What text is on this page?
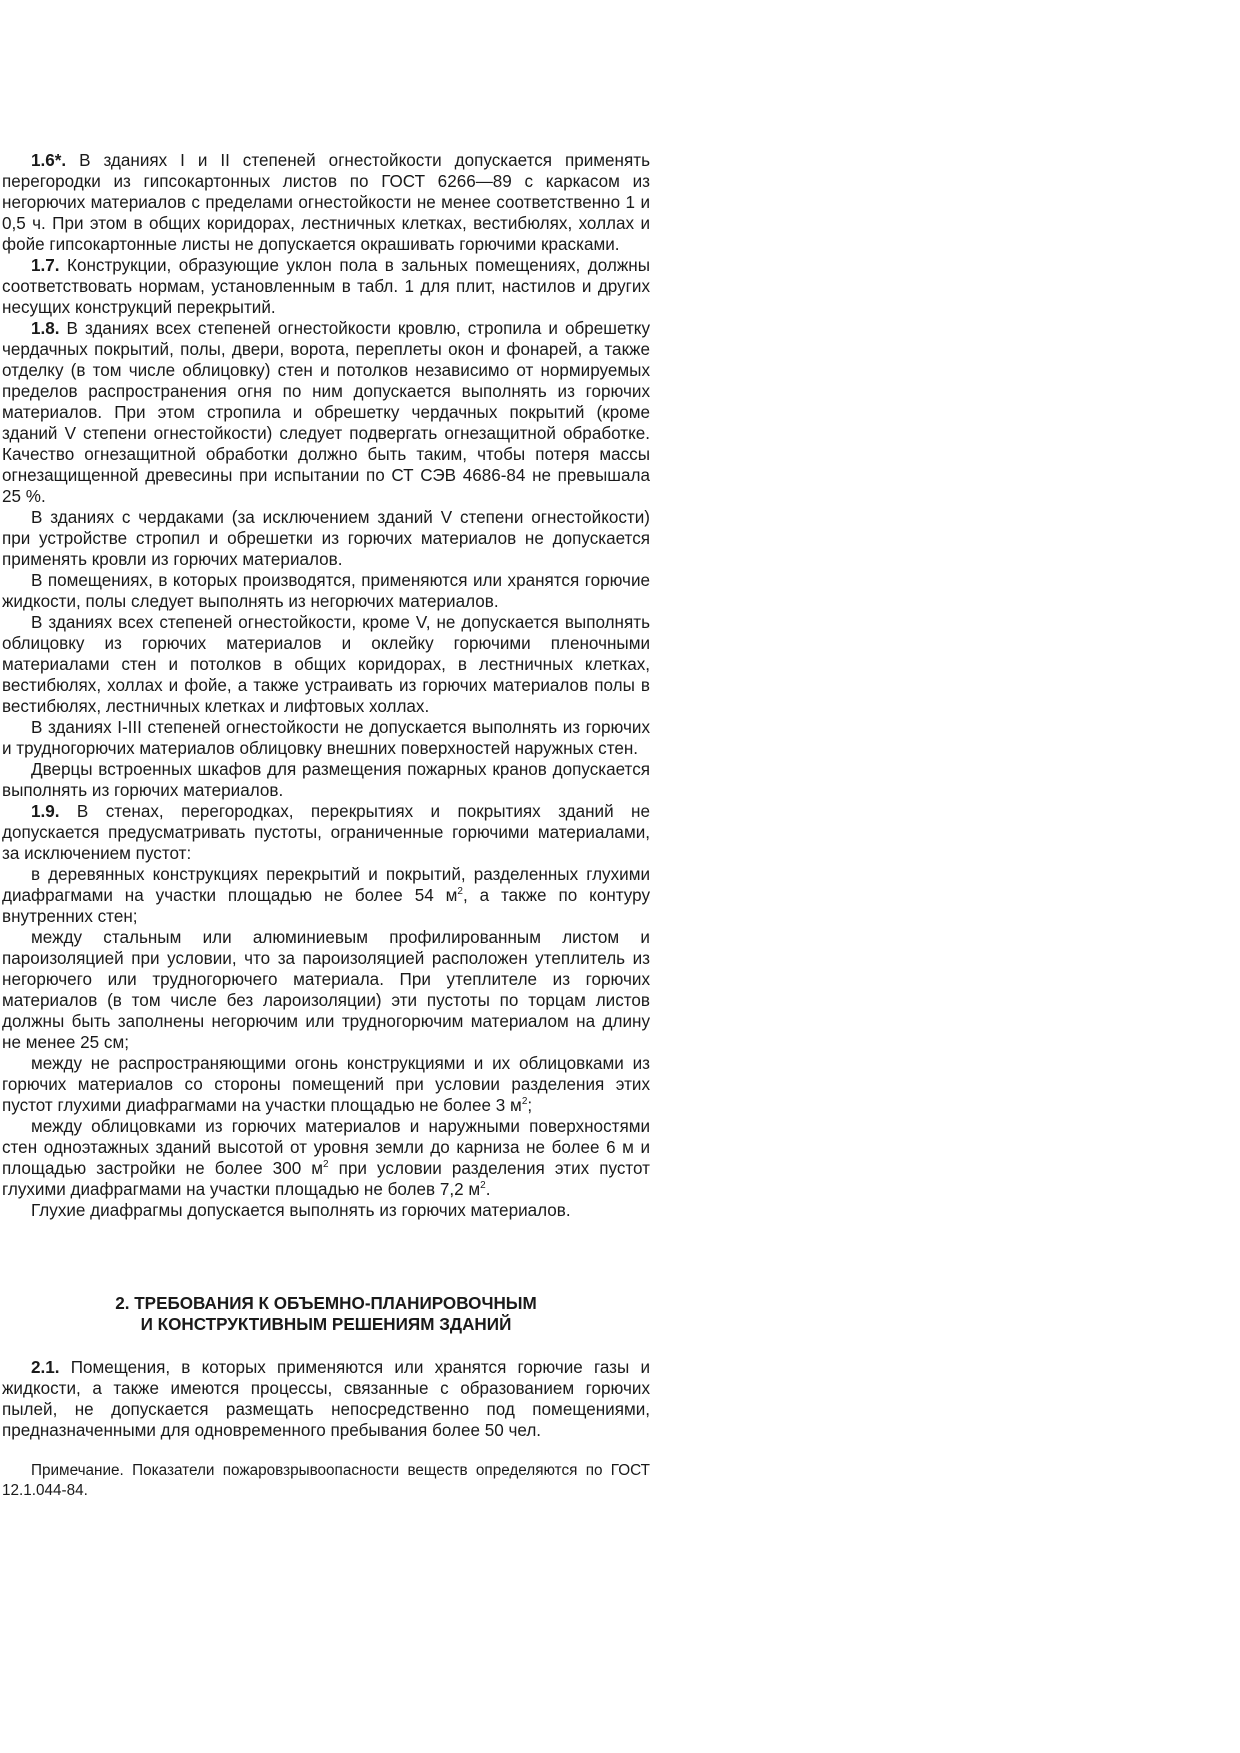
1.6*. В зданиях I и II степеней огнестойкости допускается применять перегородки из гипсокартонных листов по ГОСТ 6266—89 с каркасом из негорючих материалов с пределами огнестойкости не менее соответственно 1 и 0,5 ч. При этом в общих коридорах, лестничных клетках, вестибюлях, холлах и фойе гипсокартонные листы не допускается окрашивать горючими красками.

1.7. Конструкции, образующие уклон пола в зальных помещениях, должны соответствовать нормам, установленным в табл. 1 для плит, настилов и других несущих конструкций перекрытий.

1.8. В зданиях всех степеней огнестойкости кровлю, стропила и обрешетку чердачных покрытий, полы, двери, ворота, переплеты окон и фонарей, а также отделку (в том числе облицовку) стен и потолков независимо от нормируемых пределов распространения огня по ним допускается выполнять из горючих материалов. При этом стропила и обрешетку чердачных покрытий (кроме зданий V степени огнестойкости) следует подвергать огнезащитной обработке. Качество огнезащитной обработки должно быть таким, чтобы потеря массы огнезащищенной древесины при испытании по СТ СЭВ 4686-84 не превышала 25 %.

В зданиях с чердаками (за исключением зданий V степени огнестойкости) при устройстве стропил и обрешетки из горючих материалов не допускается применять кровли из горючих материалов.

В помещениях, в которых производятся, применяются или хранятся горючие жидкости, полы следует выполнять из негорючих материалов.

В зданиях всех степеней огнестойкости, кроме V, не допускается выполнять облицовку из горючих материалов и оклейку горючими пленочными материалами стен и потолков в общих коридорах, в лестничных клетках, вестибюлях, холлах и фойе, а также устраивать из горючих материалов полы в вестибюлях, лестничных клетках и лифтовых холлах.

В зданиях I-III степеней огнестойкости не допускается выполнять из горючих и трудногорючих материалов облицовку внешних поверхностей наружных стен.

Дверцы встроенных шкафов для размещения пожарных кранов допускается выполнять из горючих материалов.

1.9. В стенах, перегородках, перекрытиях и покрытиях зданий не допускается предусматривать пустоты, ограниченные горючими материалами, за исключением пустот:

в деревянных конструкциях перекрытий и покрытий, разделенных глухими диафрагмами на участки площадью не более 54 $м^2$, а также по контуру внутренних стен;

между стальным или алюминиевым профилированным листом и пароизоляцией при условии, что за пароизоляцией расположен утеплитель из негорючего или трудногорючего материала. При утеплителе из горючих материалов (в том числе без лароизоляции) эти пустоты по торцам листов должны быть заполнены негорючим или трудногорючим материалом на длину не менее 25 см;

между не распространяющими огонь конструкциями и их облицовками из горючих материалов со стороны помещений при условии разделения этих пустот глухими диафрагмами на участки площадью не более 3 $м^2$;

между облицовками из горючих материалов и наружными поверхностями стен одноэтажных зданий высотой от уровня земли до карниза не более 6 м и площадью застройки не более 300 $м^2$ при условии разделения этих пустот глухими диафрагмами на участки площадью не болев 7,2 $м^2$.

Глухие диафрагмы допускается выполнять из горючих материалов.

2. ТРЕБОВАНИЯ К ОБЪЕМНО-ПЛАНИРОВОЧНЫМ
И КОНСТРУКТИВНЫМ РЕШЕНИЯМ ЗДАНИЙ

2.1. Помещения, в которых применяются или хранятся горючие газы и жидкости, а также имеются процессы, связанные с образованием горючих пылей, не допускается размещать непосредственно под помещениями, предназначенными для одновременного пребывания более 50 чел.

Примечание. Показатели пожаровзрывоопасности веществ определяются по ГОСТ 12.1.044-84.
